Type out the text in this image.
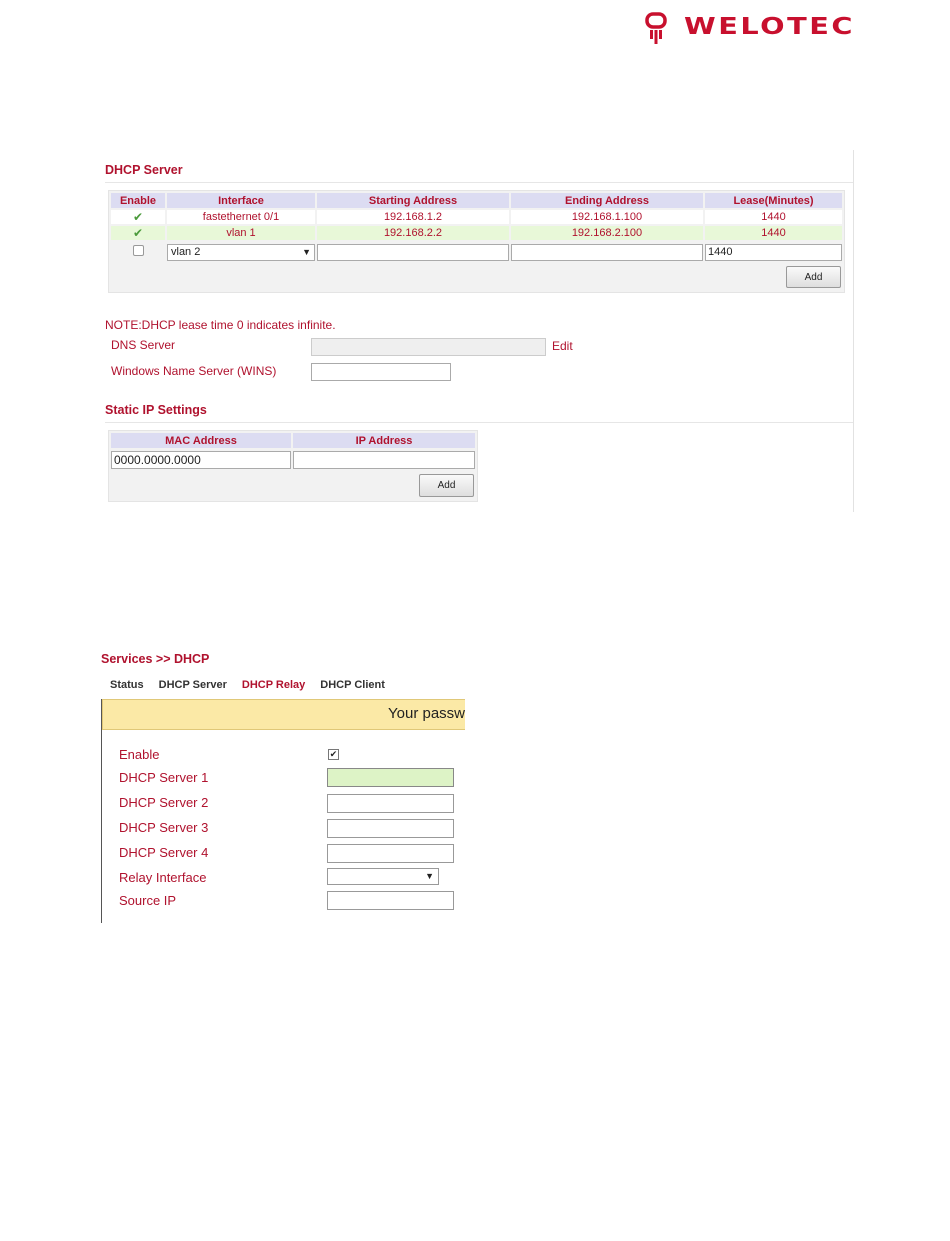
WELOTEC
DHCP Server
Enable	Interface	Starting Address	Ending Address	Lease(Minutes)
✔	fastethernet 0/1	192.168.1.2	192.168.1.100	1440
✔	vlan 1	192.168.2.2	192.168.2.100	1440

	vlan 2 ▼			1440
Add
NOTE:DHCP lease time 0 indicates infinite.
DNS Server	Edit
Windows Name Server (WINS)
Static IP Settings
MAC Address	IP Address

0000.0000.0000	

Add
Services >> DHCP
Status DHCP Server DHCP Relay DHCP Client
Your passw
Enable	✔
DHCP Server 1
DHCP Server 2
DHCP Server 3
DHCP Server 4
Relay Interface	▼
Source IP
